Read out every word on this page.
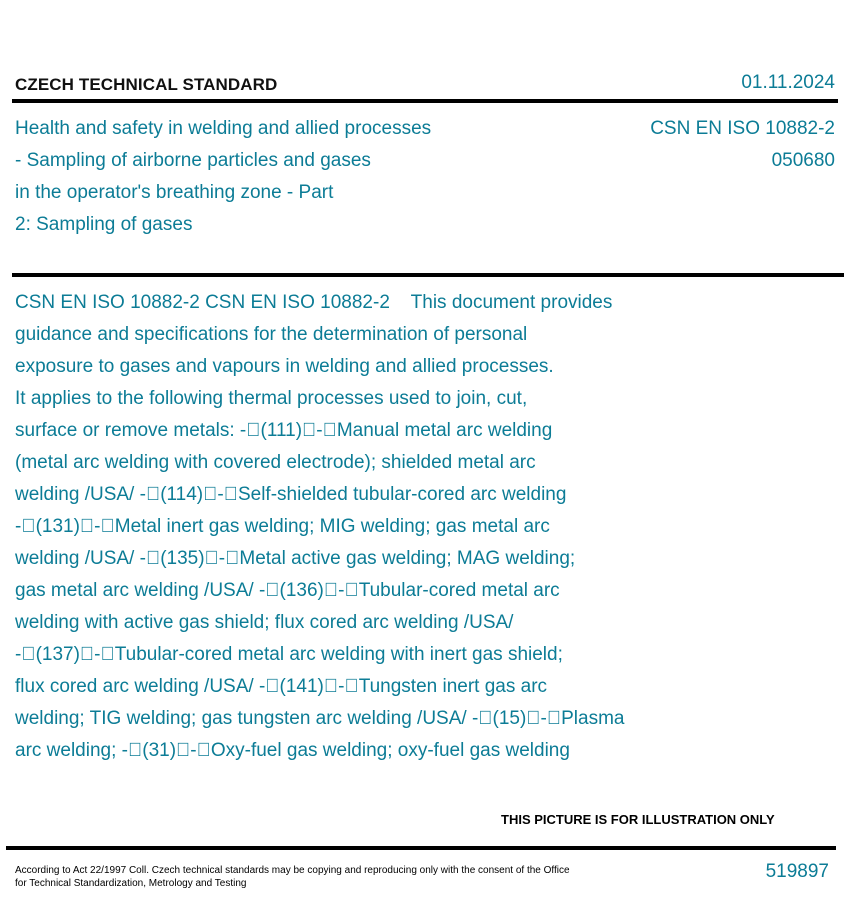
CZECH TECHNICAL STANDARD	01.11.2024
Health and safety in welding and allied processes
- Sampling of airborne particles and gases
in the operator's breathing zone - Part
2: Sampling of gases
CSN EN ISO 10882-2
050680
CSN EN ISO 10882-2 CSN EN ISO 10882-2    This document provides
guidance and specifications for the determination of personal
exposure to gases and vapours in welding and allied processes.
It applies to the following thermal processes used to join, cut,
surface or remove metals: - (111) - Manual metal arc welding
(metal arc welding with covered electrode); shielded metal arc
welding /USA/ - (114) - Self-shielded tubular-cored arc welding
- (131) - Metal inert gas welding; MIG welding; gas metal arc
welding /USA/ - (135) - Metal active gas welding; MAG welding;
gas metal arc welding /USA/ - (136) - Tubular-cored metal arc
welding with active gas shield; flux cored arc welding /USA/
- (137) - Tubular-cored metal arc welding with inert gas shield;
flux cored arc welding /USA/ - (141) - Tungsten inert gas arc
welding; TIG welding; gas tungsten arc welding /USA/ - (15) - Plasma
arc welding; - (31) - Oxy-fuel gas welding; oxy-fuel gas welding
THIS PICTURE IS FOR ILLUSTRATION ONLY
According to Act 22/1997 Coll. Czech technical standards may be copying and reproducing only with the consent of the Office
for Technical Standardization, Metrology and Testing
519897
